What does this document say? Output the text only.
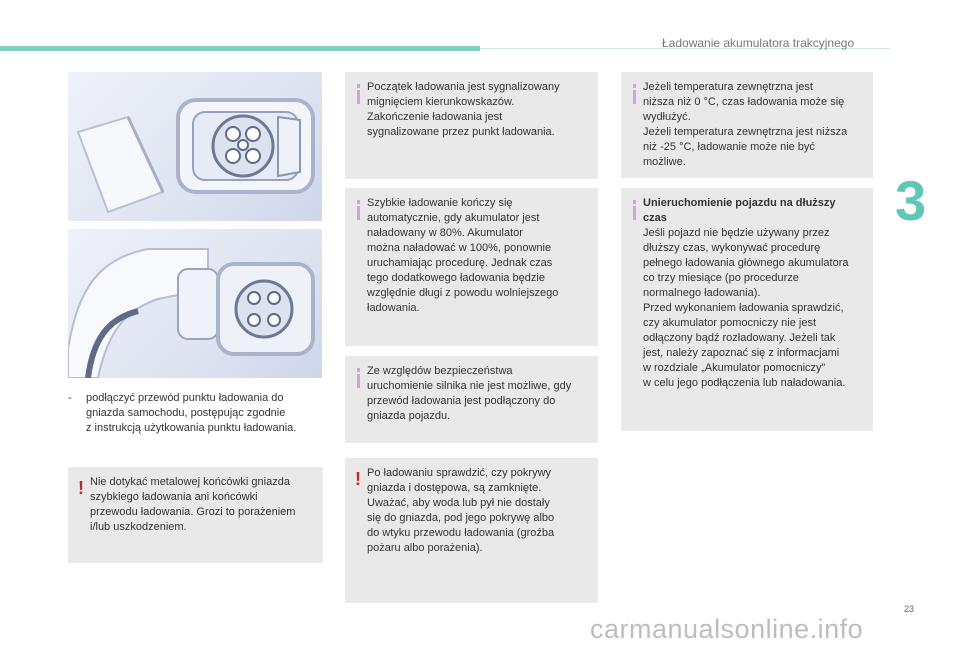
Ładowanie akumulatora trakcyjnego
3
-	podłączyć przewód punktu ładowania do
gniazda samochodu, postępując zgodnie
z instrukcją użytkowania punktu ładowania.
! Nie dotykać metalowej końcówki gniazda
szybkiego ładowania ani końcówki
przewodu ładowania. Grozi to porażeniem
i/lub uszkodzeniem.
Początek ładowania jest sygnalizowany
mignięciem kierunkowskazów.
Zakończenie ładowania jest
sygnalizowane przez punkt ładowania.
Szybkie ładowanie kończy się
automatycznie, gdy akumulator jest
naładowany w 80%. Akumulator
można naładować w 100%, ponownie
uruchamiając procedurę. Jednak czas
tego dodatkowego ładowania będzie
względnie długi z powodu wolniejszego
ładowania.
Ze względów bezpieczeństwa
uruchomienie silnika nie jest możliwe, gdy
przewód ładowania jest podłączony do
gniazda pojazdu.
! Po ładowaniu sprawdzić, czy pokrywy
gniazda i dostępowa, są zamknięte.
Uważać, aby woda lub pył nie dostały
się do gniazda, pod jego pokrywę albo
do wtyku przewodu ładowania (groźba
pożaru albo porażenia).
Jeżeli temperatura zewnętrzna jest
niższa niż 0 °C, czas ładowania może się
wydłużyć.
Jeżeli temperatura zewnętrzna jest niższa
niż -25 °C, ładowanie może nie być
możliwe.
Unieruchomienie pojazdu na dłuższy
czas
Jeśli pojazd nie będzie używany przez
dłuższy czas, wykonywać procedurę
pełnego ładowania głównego akumulatora
co trzy miesiące (po procedurze
normalnego ładowania).
Przed wykonaniem ładowania sprawdzić,
czy akumulator pomocniczy nie jest
odłączony bądź rozładowany. Jeżeli tak
jest, należy zapoznać się z informacjami
w rozdziale „Akumulator pomocniczy”
w celu jego podłączenia lub naładowania.
23
carmanualsonline.info
